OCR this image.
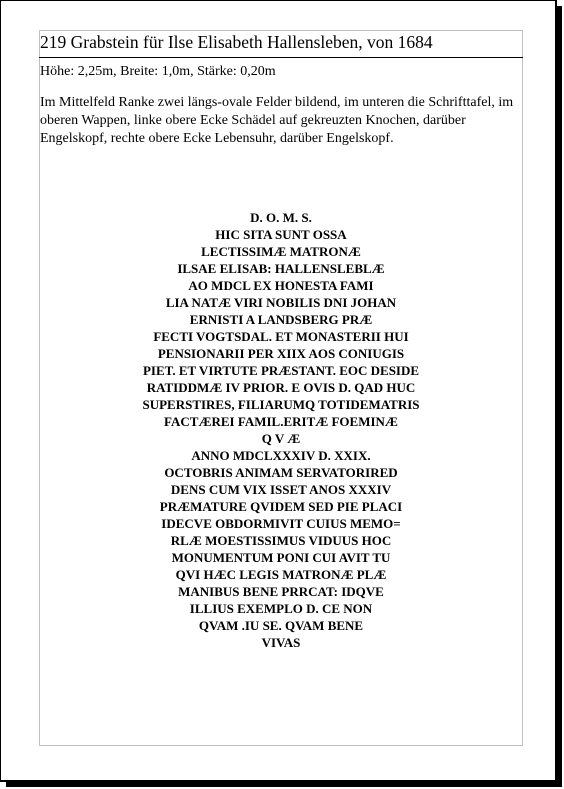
219 Grabstein für Ilse Elisabeth Hallensleben, von 1684
Höhe: 2,25m, Breite: 1,0m, Stärke: 0,20m

Im Mittelfeld Ranke zwei längs-ovale Felder bildend, im unteren die Schrifttafel, im oberen Wappen, linke obere Ecke Schädel auf gekreuzten Knochen, darüber Engelskopf, rechte obere Ecke Lebensuhr, darüber Engelskopf.

D. O. M. S.
HIC SITA SUNT OSSA
LECTISSIMÆ MATRONÆ
ILSAE ELISAB: HALLENSLEBLÆ
AO MDCL EX HONESTA FAMI
LIA NATÆ VIRI NOBILIS DNI JOHAN
ERNISTI A LANDSBERG PRÆ
FECTI VOGTSDAL. ET MONASTERII HUI
PENSIONARII PER XIIX AOS CONIUGIS
PIET. ET VIRTUTE PRÆSTANT. EOC DESIDE
RATIDDMÆ IV PRIOR. E OVIS D. QAD HUC
SUPERSTIRES, FILIARUMQ TOTIDEMATRIS
FACTÆREI FAMIL.ERITÆ FOEMINÆ
Q V Æ
ANNO MDCLXXXIV D. XXIX.
OCTOBRIS ANIMAM SERVATORIRED
DENS CUM VIX ISSET ANOS XXXIV
PRÆMATURE QVIDEM SED PIE PLACI
IDECVE OBDORMIVIT CUIUS MEMO=
RLÆ MOESTISSIMUS VIDUUS HOC
MONUMENTUM PONI CUI AVIT TU
QVI HÆC LEGIS MATRONÆ PLÆ
MANIBUS BENE PRRCAT: IDQVE
ILLIUS EXEMPLO D. CE NON
QVAM .IU SE. QVAM BENE
VIVAS
